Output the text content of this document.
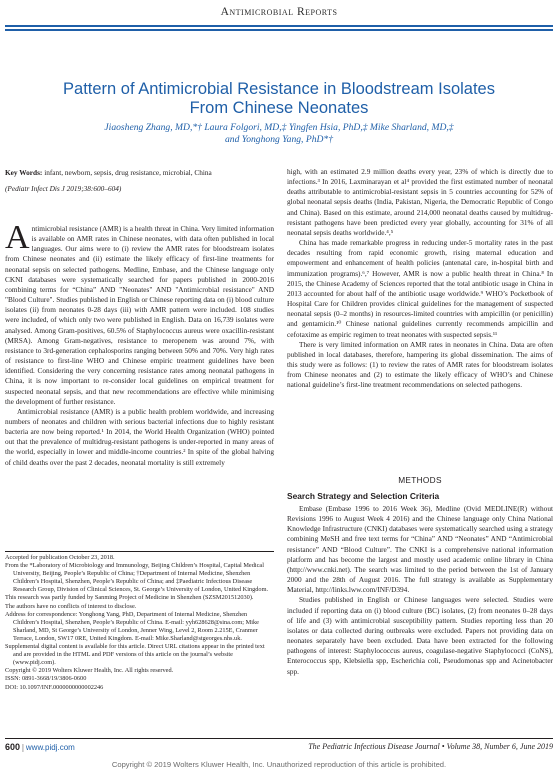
Antimicrobial Reports
Pattern of Antimicrobial Resistance in Bloodstream Isolates
From Chinese Neonates
Jiaosheng Zhang, MD,*† Laura Folgori, MD,‡ Yingfen Hsia, PhD,‡ Mike Sharland, MD,‡
and Yonghong Yang, PhD*†
Key Words: infant, newborn, sepsis, drug resistance, microbial, China
(Pediatr Infect Dis J 2019;38:600–604)

Antimicrobial resistance (AMR) is a health threat in China. Very limited information is available on AMR rates in Chinese neonates, with data often published in local languages. Our aims were to (i) review the AMR rates for bloodstream isolates from Chinese neonates and (ii) estimate the likely efficacy of first-line treatments for neonatal sepsis on selected pathogens. Medline, Embase, and the Chinese language only CKNI databases were systematically searched for papers published in 2000-2016 combining terms for “China” AND "Neonates" AND "Antimicrobial resistance" AND "Blood Culture". Studies published in English or Chinese reporting data on (i) blood culture isolates (ii) from neonates 0-28 days (iii) with AMR pattern were included. 108 studies were included, of which only two were published in English. Data on 16,739 isolates were analysed. Among Gram-positives, 60.5% of Staphylococcus aureus were oxacillin-resistant (MRSA). Among Gram-negatives, resistance to meropenem was around 7%, with resistance to 3rd-generation cephalosporins ranging between 50% and 70%. Very high rates of resistance to first-line WHO and Chinese empiric treatment guidelines have been identified. Considering the very concerning resistance rates among neonatal pathogens in China, it is now important to re-consider local guidelines on empirical treatment for suspected neonatal sepsis, and that new recommendations are effective while minimising the development of further resistance.

Antimicrobial resistance (AMR) is a public health problem worldwide, and increasing numbers of neonates and children with serious bacterial infections due to highly resistant bacteria are now being reported.¹ In 2014, the World Health Organization (WHO) pointed out that the prevalence of multidrug-resistant pathogens is under-reported in many areas of the world, especially in lower and middle-income countries.² In spite of the global halving of child deaths over the past 2 decades, neonatal mortality is still extremely

Accepted for publication October 23, 2018.
From the *Laboratory of Microbiology and Immunology, Beijing Children’s Hospital, Capital Medical University, Beijing, People’s Republic of China; †Department of Internal Medicine, Shenzhen Children’s Hospital, Shenzhen, People’s Republic of China; and ‡Paediatric Infectious Disease Research Group, Division of Clinical Sciences, St. George’s University of London, United Kingdom.
This research was partly funded by Sanming Project of Medicine in Shenzhen (SZSM201512030).
The authors have no conflicts of interest to disclose.
Address for correspondence: Yonghong Yang, PhD, Department of Internal Medicine, Shenzhen Children’s Hospital, Shenzhen, People’s Republic of China. E-mail: yyh628628@sina.com; Mike Sharland, MD, St George’s University of London, Jenner Wing, Level 2, Room 2.215E, Cranmer Terrace, London, SW17 0RE, United Kingdom. E-mail: Mike.Sharland@stgeorges.nhs.uk.
Supplemental digital content is available for this article. Direct URL citations appear in the printed text and are provided in the HTML and PDF versions of this article on the journal’s website (www.pidj.com).
Copyright © 2019 Wolters Kluwer Health, Inc. All rights reserved.
ISSN: 0891-3668/19/3806-0600
DOI: 10.1097/INF.0000000000002246

high, with an estimated 2.9 million deaths every year, 23% of which is directly due to infections.³ In 2016, Laxminarayan et al⁴ provided the first estimated number of neonatal deaths attributable to antimicrobial-resistant sepsis in 5 countries accounting for 52% of global neonatal sepsis deaths (India, Pakistan, Nigeria, the Democratic Republic of Congo and China). Based on this estimate, around 214,000 neonatal deaths caused by multidrug-resistant pathogens have been predicted every year globally, accounting for 31% of all neonatal sepsis deaths worldwide.⁴,⁵

China has made remarkable progress in reducing under-5 mortality rates in the past decades resulting from rapid economic growth, rising maternal education and empowerment and enhancement of health policies (antenatal care, in-hospital birth and immunization programs).⁶,⁷ However, AMR is now a public health threat in China.⁸ In 2015, the Chinese Academy of Sciences reported that the total antibiotic usage in China in 2013 accounted for about half of the antibiotic usage worldwide.⁹ WHO’s Pocketbook of Hospital Care for Children provides clinical guidelines for the management of suspected neonatal sepsis (0–2 months) in resources-limited countries with ampicillin (or penicillin) and gentamicin.¹⁰ Chinese national guidelines currently recommends ampicillin and cefotaxime as empiric regimen to treat neonates with suspected sepsis.¹¹

There is very limited information on AMR rates in neonates in China. Data are often published in local databases, therefore, hampering its global dissemination. The aims of this study were as follows: (1) to review the rates of AMR rates for bloodstream isolates from Chinese neonates and (2) to estimate the likely efficacy of WHO’s and Chinese national guideline’s first-line treatment recommendations on selected pathogens.

METHODS
Search Strategy and Selection Criteria

Embase (Embase 1996 to 2016 Week 36), Medline (Ovid MEDLINE(R) without Revisions 1996 to August Week 4 2016) and the Chinese language only China National Knowledge Infrastructure (CNKI) databases were systematically searched using a strategy combining MeSH and free text terms for “China” AND “Neonates” AND “Antimicrobial resistance” AND “Blood Culture”. The CNKI is a comprehensive national information platform and has become the largest and mostly used academic online library in China (http://www.cnki.net). The search was limited to the period between the 1st of January 2000 and the 28th of August 2016. The full strategy is available as Supplementary Material, http://links.lww.com/INF/D394.

Studies published in English or Chinese languages were selected. Studies were included if reporting data on (i) blood culture (BC) isolates, (2) from neonates 0–28 days of life and (3) with antimicrobial susceptibility pattern. Studies reporting less than 20 isolates or data collected during outbreaks were excluded. Papers not providing data on neonates separately have been excluded. Data have been extracted for the following pathogens of interest: Staphylococcus aureus, coagulase-negative Staphylococci (CoNS), Enterococcus spp, Klebsiella spp, Escherichia coli, Pseudomonas spp and Acinetobacter spp.

600 | www.pidj.com	The Pediatric Infectious Disease Journal • Volume 38, Number 6, June 2019
Copyright © 2019 Wolters Kluwer Health, Inc. Unauthorized reproduction of this article is prohibited.
